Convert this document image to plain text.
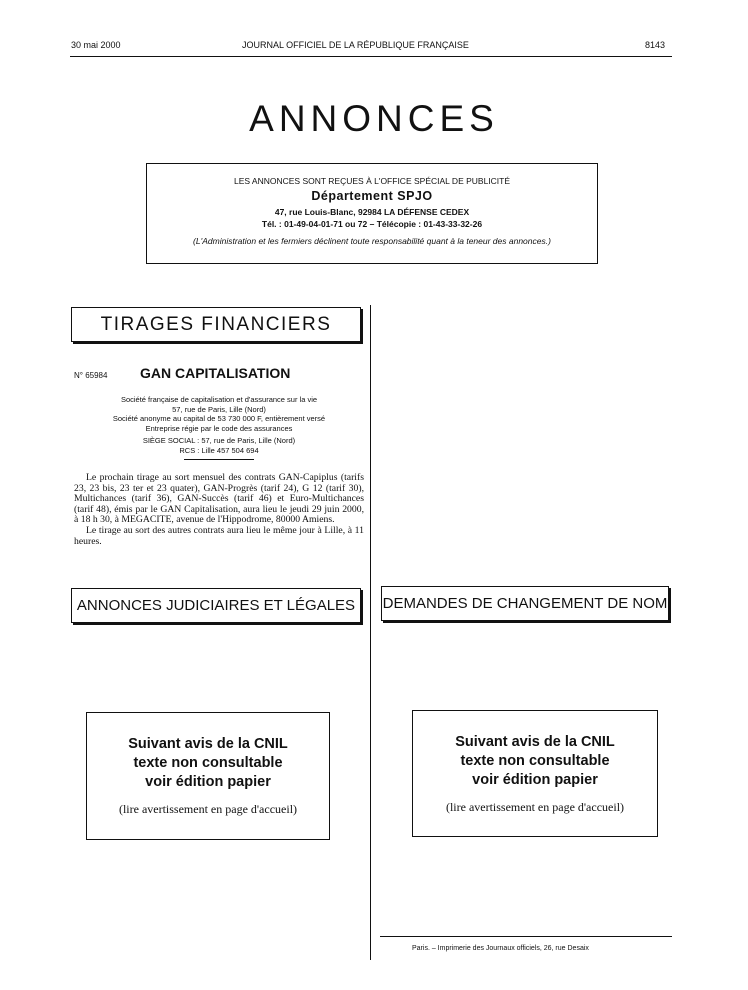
30 mai 2000	JOURNAL OFFICIEL DE LA RÉPUBLIQUE FRANÇAISE	8143
ANNONCES
LES ANNONCES SONT REÇUES À L'OFFICE SPÉCIAL DE PUBLICITÉ
Département SPJO
47, rue Louis-Blanc, 92984 LA DÉFENSE CEDEX
Tél. : 01-49-04-01-71 ou 72 – Télécopie : 01-43-33-32-26
(L'Administration et les fermiers déclinent toute responsabilité quant à la teneur des annonces.)
TIRAGES FINANCIERS
N° 65984 GAN CAPITALISATION
Société française de capitalisation et d'assurance sur la vie
57, rue de Paris, Lille (Nord)
Société anonyme au capital de 53 730 000 F, entièrement versé
Entreprise régie par le code des assurances
SIÈGE SOCIAL : 57, rue de Paris, Lille (Nord)
RCS : Lille 457 504 694

Le prochain tirage au sort mensuel des contrats GAN-Capiplus (tarifs 23, 23 bis, 23 ter et 23 quater), GAN-Progrès (tarif 24), G 12 (tarif 30), Multichances (tarif 36), GAN-Succès (tarif 46) et Euro-Multichances (tarif 48), émis par le GAN Capitalisation, aura lieu le jeudi 29 juin 2000, à 18 h 30, à MEGACITE, avenue de l'Hippodrome, 80000 Amiens.

Le tirage au sort des autres contrats aura lieu le même jour à Lille, à 11 heures.

ANNONCES JUDICIAIRES ET LÉGALES	DEMANDES DE CHANGEMENT DE NOM
Suivant avis de la CNIL
texte non consultable
voir édition papier
(lire avertissement en page d'accueil)
Suivant avis de la CNIL
texte non consultable
voir édition papier
(lire avertissement en page d'accueil)
Paris. – Imprimerie des Journaux officiels, 26, rue Desaix
